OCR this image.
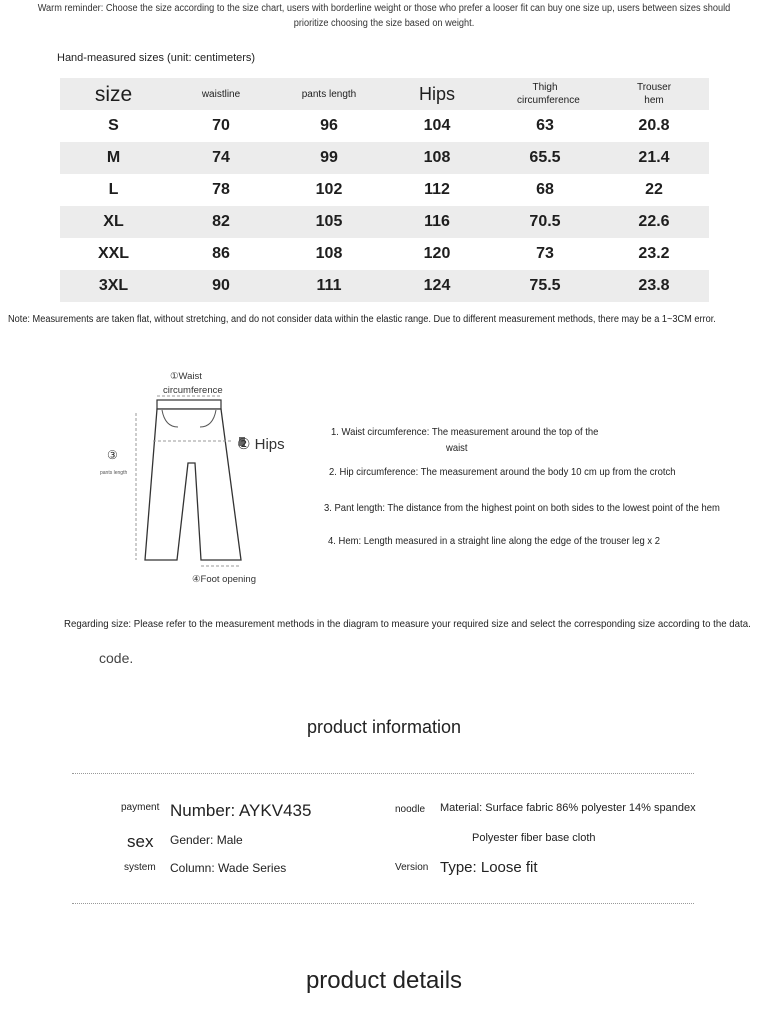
Warm reminder: Choose the size according to the size chart, users with borderline weight or those who prefer a looser fit can buy one size up, users between sizes should prioritize choosing the size based on weight.
Hand-measured sizes (unit: centimeters)
size	waistline	pants length	Hips	Thigh circumference	Trouser hem
S	70	96	104	63	20.8
M	74	99	108	65.5	21.4
L	78	102	112	68	22
XL	82	105	116	70.5	22.6
XXL	86	108	120	73	23.2
3XL	90	111	124	75.5	23.8
Note: Measurements are taken flat, without stretching, and do not consider data within the elastic range. Due to different measurement methods, there may be a 1~3CM error.
①Waist
circumference
② Hips
③
pants length
④Foot opening
1. Waist circumference: The measurement around the top of the
waist
2. Hip circumference: The measurement around the body 10 cm up from the crotch
3. Pant length: The distance from the highest point on both sides to the lowest point of the hem
4. Hem: Length measured in a straight line along the edge of the trouser leg x 2
Regarding size: Please refer to the measurement methods in the diagram to measure your required size and select the corresponding size according to the data.
code.
product information
payment Number: AYKV435	noodle Material: Surface fabric 86% polyester 14% spandex
sex Gender: Male	Polyester fiber base cloth
system Column: Wade Series	Version Type: Loose fit
product details
